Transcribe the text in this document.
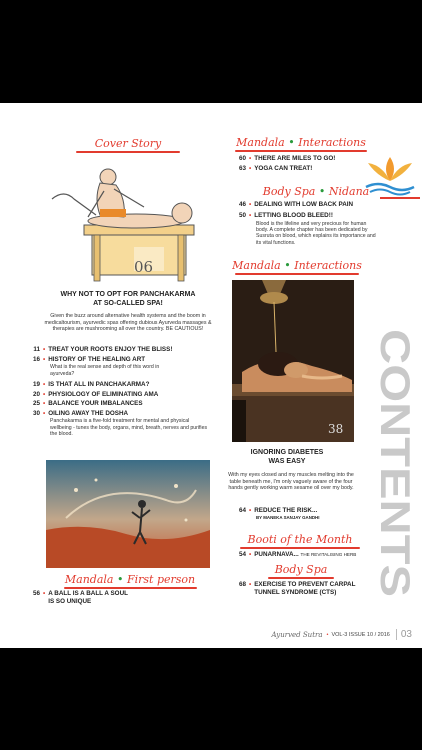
Cover Story
06
WHY NOT TO OPT FOR PANCHAKARMA
AT SO-CALLED SPA!
Given the buzz around alternative health systems and the boom in medicaltourism, ayurvedic spas offering dubious Ayurveda massages & therapies are mushrooming all over the country. BE CAUTIOUS!
11 • TREAT YOUR ROOTS ENJOY THE BLISS!
16 • HISTORY OF THE HEALING ART
What is the real sense and depth of this word in ayurveda?
19 • IS THAT ALL IN PANCHAKARMA?
20 • PHYSIOLOGY OF ELIMINATING AMA
25 • BALANCE YOUR IMBALANCES
30 • OILING AWAY THE DOSHA
Panchakarma is a five-fold treatment for mental and physical wellbeing - tunes the body, organs, mind, breath, nerves and purifies the blood.
Mandala • First person
56 • A BALL IS A BALL A SOUL
IS SO UNIQUE
Mandala • Interactions
60 • THERE ARE MILES TO GO!
63 • YOGA CAN TREAT!
Body Spa • Nidana
46 • DEALING WITH LOW BACK PAIN
50 • LETTING BLOOD BLEED!!
Blood is the lifeline and very precious for human body. A complete chapter has been dedicated by Susruta on blood, which explains its importance and its vital functions.
Mandala • Interactions
38
IGNORING DIABETES
WAS EASY
With my eyes closed and my muscles melting into the table beneath me, I'm only vaguely aware of the four hands gently working warm sesame oil over my body.
64 • REDUCE THE RISK...
BY MANEKA SANJAY GANDHI
Booti of the Month
54 • PUNARNAVA...
THE REVITALISING HERB
Body Spa
68 • EXERCISE TO PREVENT CARPAL
TUNNEL SYNDROME (CTS)
CONTENTS
Ayurved Sutra • VOL-3 ISSUE 10 / 2016	03
